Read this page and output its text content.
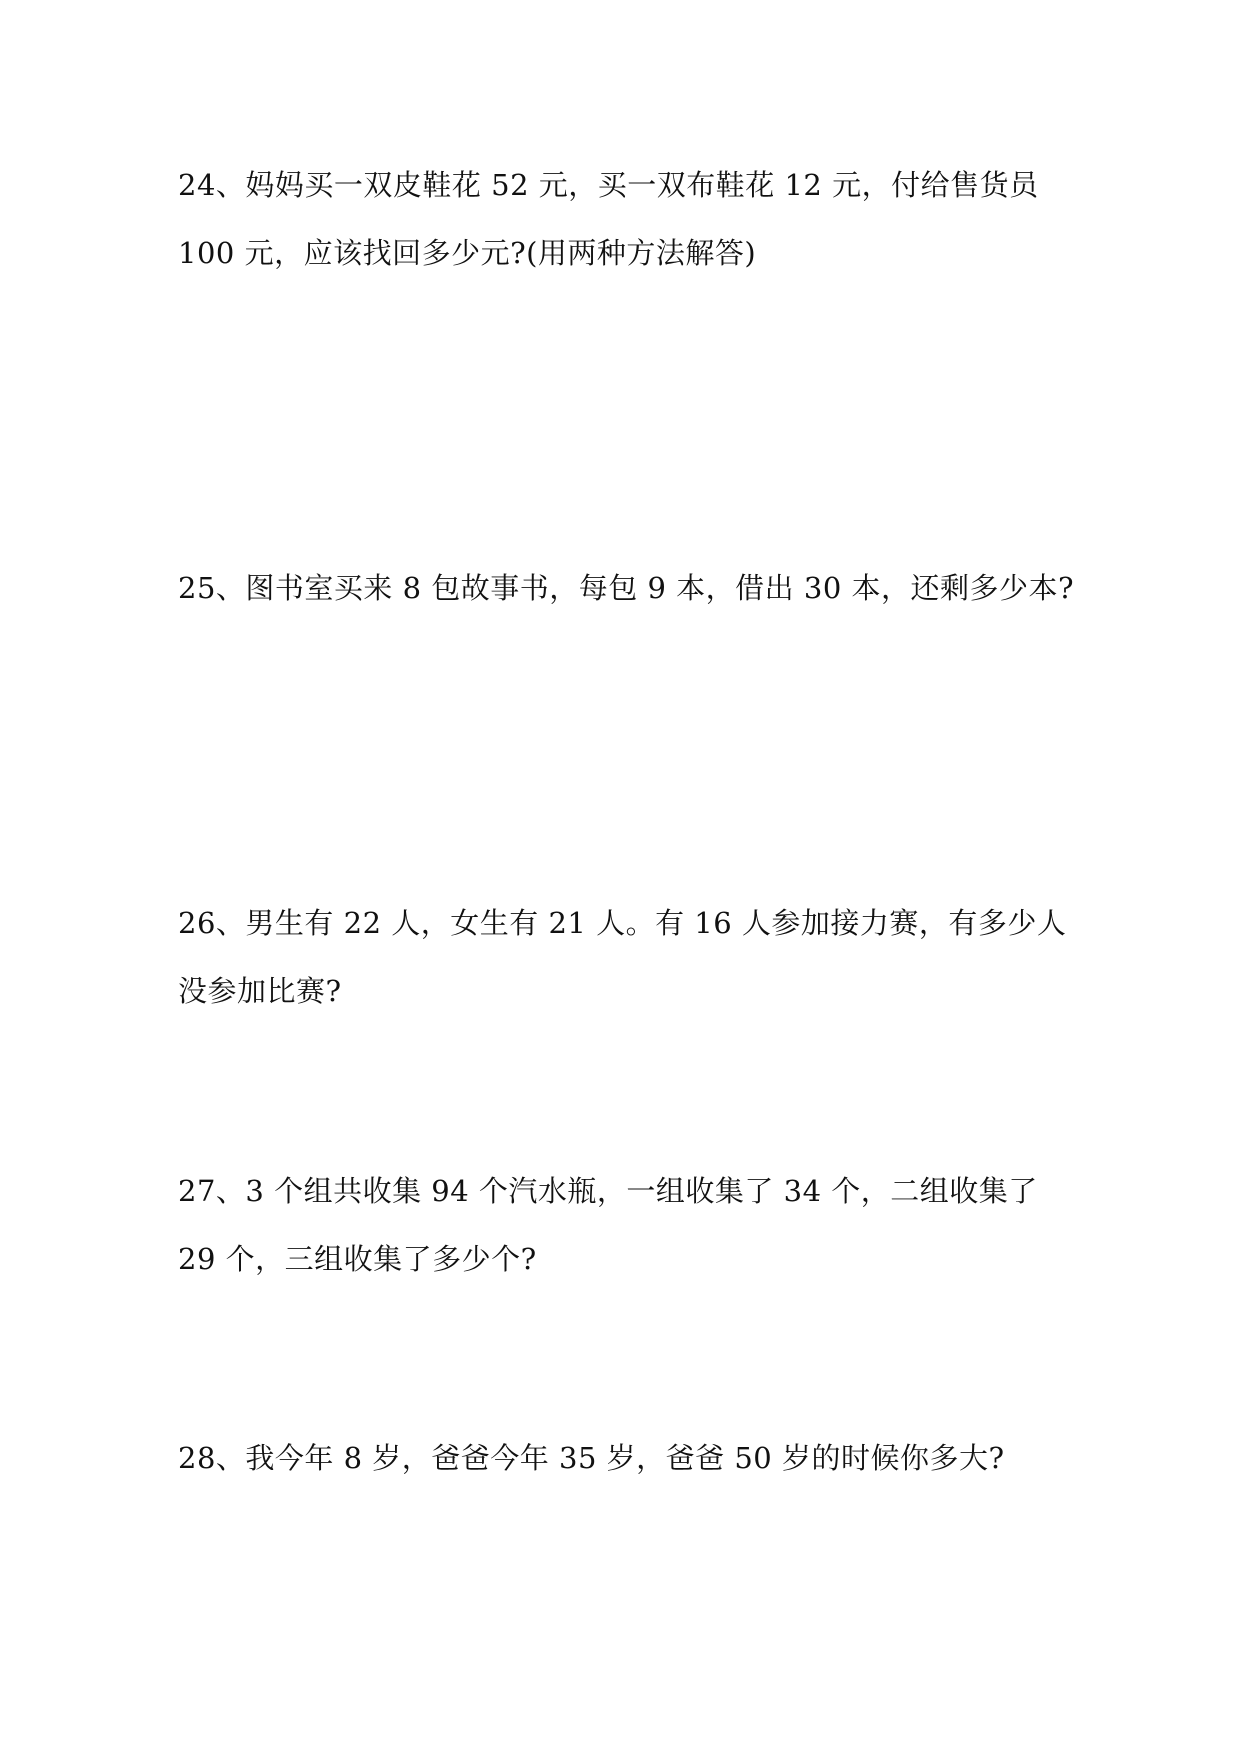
24、妈妈买一双皮鞋花 52 元，买一双布鞋花 12 元，付给售货员
100 元，应该找回多少元?(用两种方法解答)
25、图书室买来 8 包故事书，每包 9 本，借出 30 本，还剩多少本?
26、男生有 22 人，女生有 21 人。有 16 人参加接力赛，有多少人
没参加比赛?
27、3 个组共收集 94 个汽水瓶，一组收集了 34 个，二组收集了
29 个，三组收集了多少个?
28、我今年 8 岁，爸爸今年 35 岁，爸爸 50 岁的时候你多大?
